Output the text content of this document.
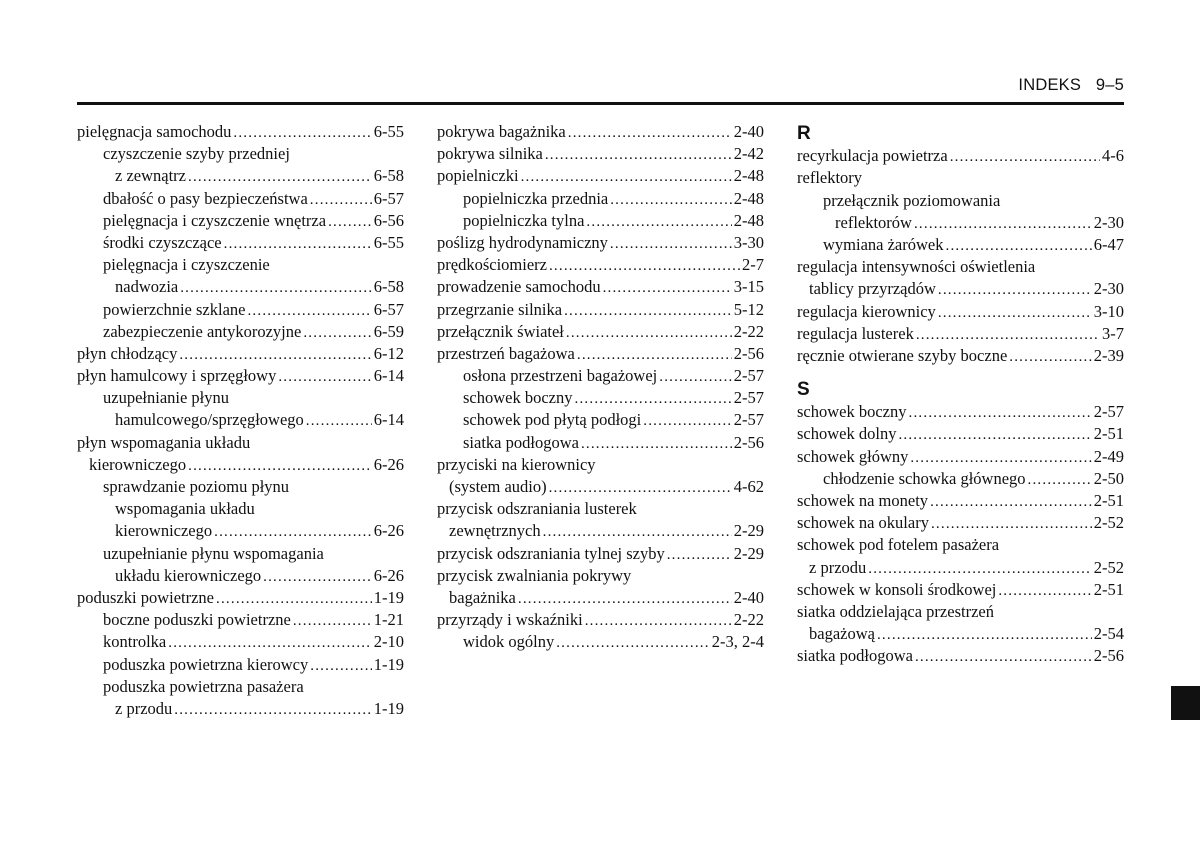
INDEKS 9–5
pielęgnacja samochodu .....	6-55
czyszczenie szyby przedniej
z zewnątrz .....	6-58
dbałość o pasy bezpieczeństwa .....	6-57
pielęgnacja i czyszczenie wnętrza .....	6-56
środki czyszczące .....	6-55
pielęgnacja i czyszczenie
nadwozia .....	6-58
powierzchnie szklane .....	6-57
zabezpieczenie antykorozyjne .....	6-59
płyn chłodzący .....	6-12
płyn hamulcowy i sprzęgłowy .....	6-14
uzupełnianie płynu
hamulcowego/sprzęgłowego .....	6-14
płyn wspomagania układu
kierowniczego .....	6-26
sprawdzanie poziomu płynu
wspomagania układu
kierowniczego .....	6-26
uzupełnianie płynu wspomagania
układu kierowniczego .....	6-26
poduszki powietrzne .....	1-19
boczne poduszki powietrzne .....	1-21
kontrolka .....	2-10
poduszka powietrzna kierowcy .....	1-19
poduszka powietrzna pasażera
z przodu .....	1-19
pokrywa bagażnika .....	2-40
pokrywa silnika .....	2-42
popielniczki .....	2-48
popielniczka przednia .....	2-48
popielniczka tylna .....	2-48
poślizg hydrodynamiczny .....	3-30
prędkościomierz .....	2-7
prowadzenie samochodu .....	3-15
przegrzanie silnika .....	5-12
przełącznik świateł .....	2-22
przestrzeń bagażowa .....	2-56
osłona przestrzeni bagażowej .....	2-57
schowek boczny .....	2-57
schowek pod płytą podłogi .....	2-57
siatka podłogowa .....	2-56
przyciski na kierownicy
(system audio) .....	4-62
przycisk odszraniania lusterek
zewnętrznych .....	2-29
przycisk odszraniania tylnej szyby .....	2-29
przycisk zwalniania pokrywy
bagażnika .....	2-40
przyrządy i wskaźniki .....	2-22
widok ogólny .....	2-3, 2-4
R
recyrkulacja powietrza .....	4-6
reflektory
przełącznik poziomowania
reflektorów .....	2-30
wymiana żarówek .....	6-47
regulacja intensywności oświetlenia
tablicy przyrządów .....	2-30
regulacja kierownicy .....	3-10
regulacja lusterek .....	3-7
ręcznie otwierane szyby boczne .....	2-39
S
schowek boczny .....	2-57
schowek dolny .....	2-51
schowek główny .....	2-49
chłodzenie schowka głównego .....	2-50
schowek na monety .....	2-51
schowek na okulary .....	2-52
schowek pod fotelem pasażera
z przodu .....	2-52
schowek w konsoli środkowej .....	2-51
siatka oddzielająca przestrzeń
bagażową .....	2-54
siatka podłogowa .....	2-56
